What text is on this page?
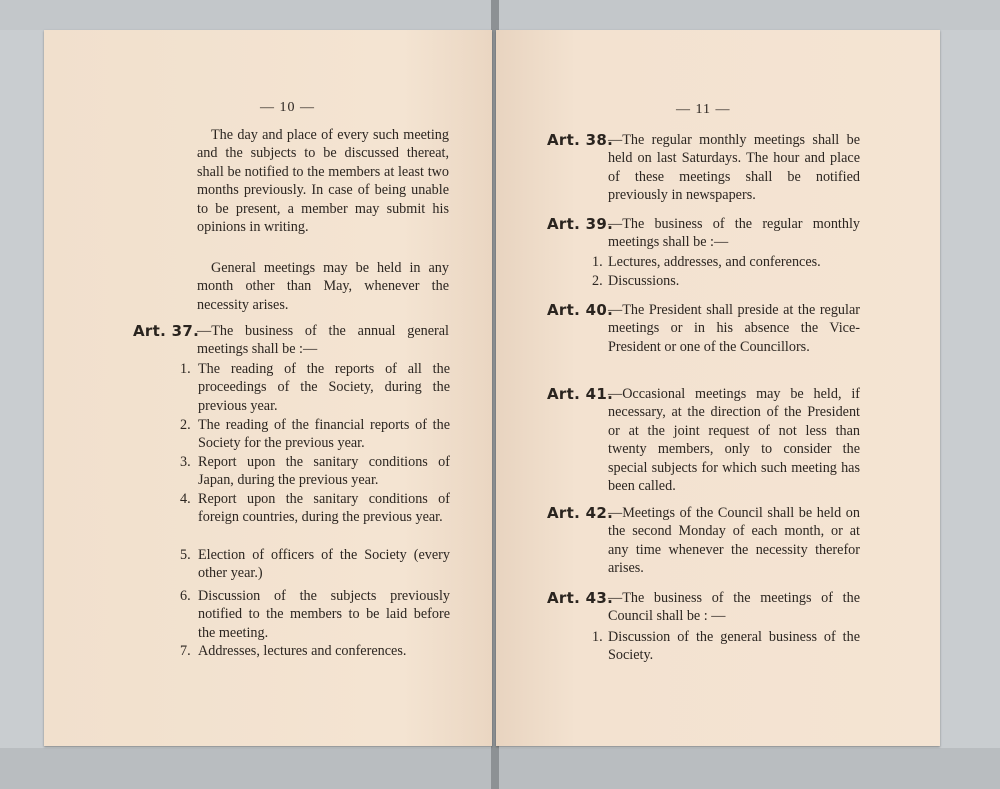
— 10 —
The day and place of every such meeting and the subjects to be discussed thereat, shall be notified to the members at least two months previously. In case of being unable to be present, a member may submit his opinions in writing.
General meetings may be held in any month other than May, whenever the necessity arises.
Art. 37.
—The business of the annual general meetings shall be :—
1. The reading of the reports of all the proceedings of the Society, during the previous year.
2. The reading of the financial reports of the Society for the previous year.
3. Report upon the sanitary conditions of Japan, during the previous year.
4. Report upon the sanitary conditions of foreign countries, during the previous year.
5. Election of officers of the Society (every other year.)
6. Discussion of the subjects previously notified to the members to be laid before the meeting.
7. Addresses, lectures and conferences.
— 11 —
Art. 38.
—The regular monthly meetings shall be held on last Saturdays. The hour and place of these meetings shall be notified previously in newspapers.
Art. 39.
—The business of the regular monthly meetings shall be :—
1. Lectures, addresses, and conferences.
2. Discussions.
Art. 40.
—The President shall preside at the regular meetings or in his absence the Vice-President or one of the Councillors.
Art. 41.
—Occasional meetings may be held, if necessary, at the direction of the President or at the joint request of not less than twenty members, only to consider the special subjects for which such meeting has been called.
Art. 42.
—Meetings of the Council shall be held on the second Monday of each month, or at any time whenever the necessity therefor arises.
Art. 43.
—The business of the meetings of the Council shall be : —
1. Discussion of the general business of the Society.
